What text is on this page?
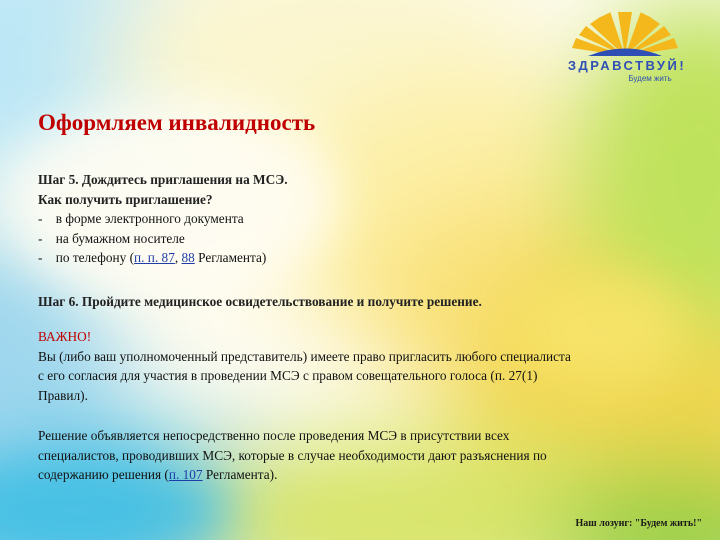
ЗДРАВСТВУЙ!
Будем жить
Оформляем инвалидность
Шаг 5. Дождитесь приглашения на МСЭ.
Как получить приглашение?
- в форме электронного документа
- на бумажном носителе
- по телефону (п. п. 87, 88 Регламента)
Шаг 6. Пройдите медицинское освидетельствование и получите решение.
ВАЖНО!
Вы (либо ваш уполномоченный представитель) имеете право пригласить любого специалиста
с его согласия для участия в проведении МСЭ с правом совещательного голоса (п. 27(1)
Правил).
Решение объявляется непосредственно после проведения МСЭ в присутствии всех
специалистов, проводивших МСЭ, которые в случае необходимости дают разъяснения по
содержанию решения (п. 107 Регламента).
Наш лозунг: "Будем жить!"
